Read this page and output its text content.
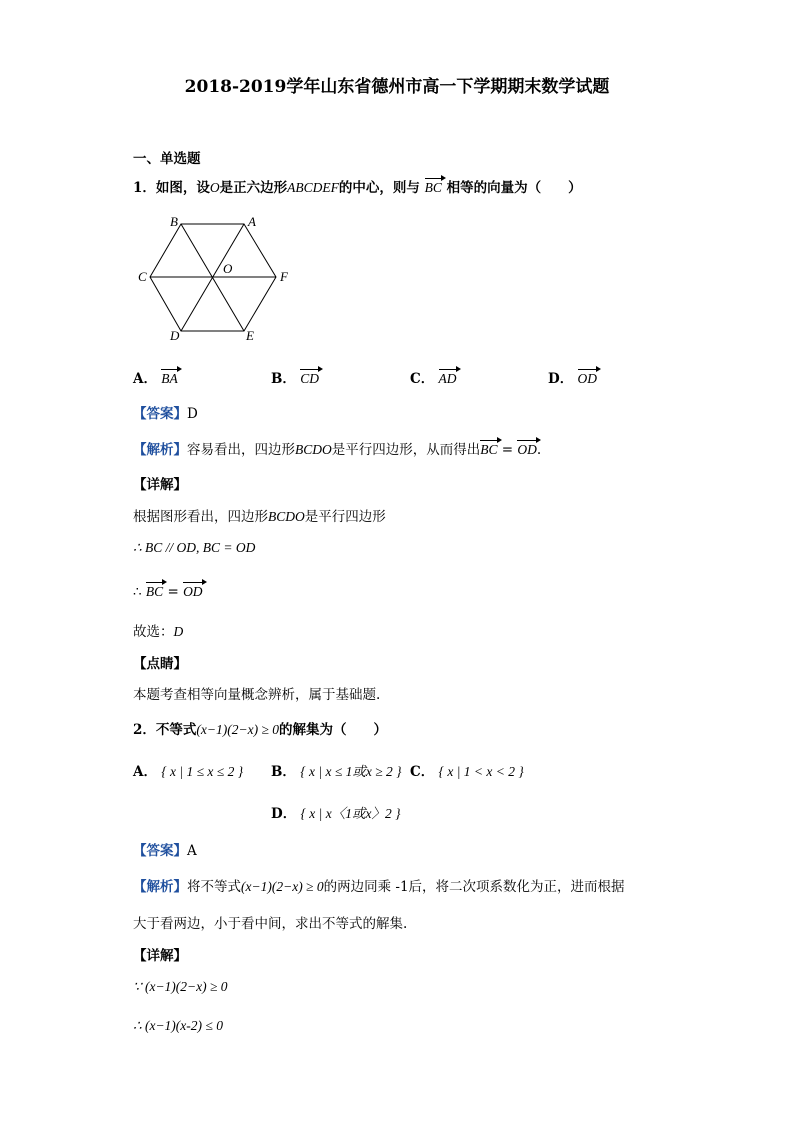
2018-2019学年山东省德州市高一下学期期末数学试题
一、单选题
1．如图，设O是正六边形ABCDEF的中心，则与 BC 相等的向量为（　　）
B	A
C	F
O
D	E
A． BA	B． CD	C． AD	D． OD
【答案】D
【解析】容易看出，四边形BCDO是平行四边形，从而得出BC = OD.
【详解】
根据图形看出，四边形BCDO是平行四边形
∴ BC // OD, BC = OD
∴ BC = OD
故选：D
【点睛】
本题考查相等向量概念辨析，属于基础题.
2．不等式(x−1)(2−x) ≥ 0的解集为（　　）
A． { x | 1 ≤ x ≤ 2 } B． { x | x ≤ 1或x ≥ 2 } C． { x | 1 < x < 2 }
D． { x | x〈1或x〉2 }
【答案】A
【解析】将不等式(x−1)(2−x) ≥ 0的两边同乘 -1后，将二次项系数化为正，进而根据
大于看两边，小于看中间，求出不等式的解集.
【详解】
∵ (x−1)(2−x) ≥ 0
∴ (x−1)(x-2) ≤ 0
